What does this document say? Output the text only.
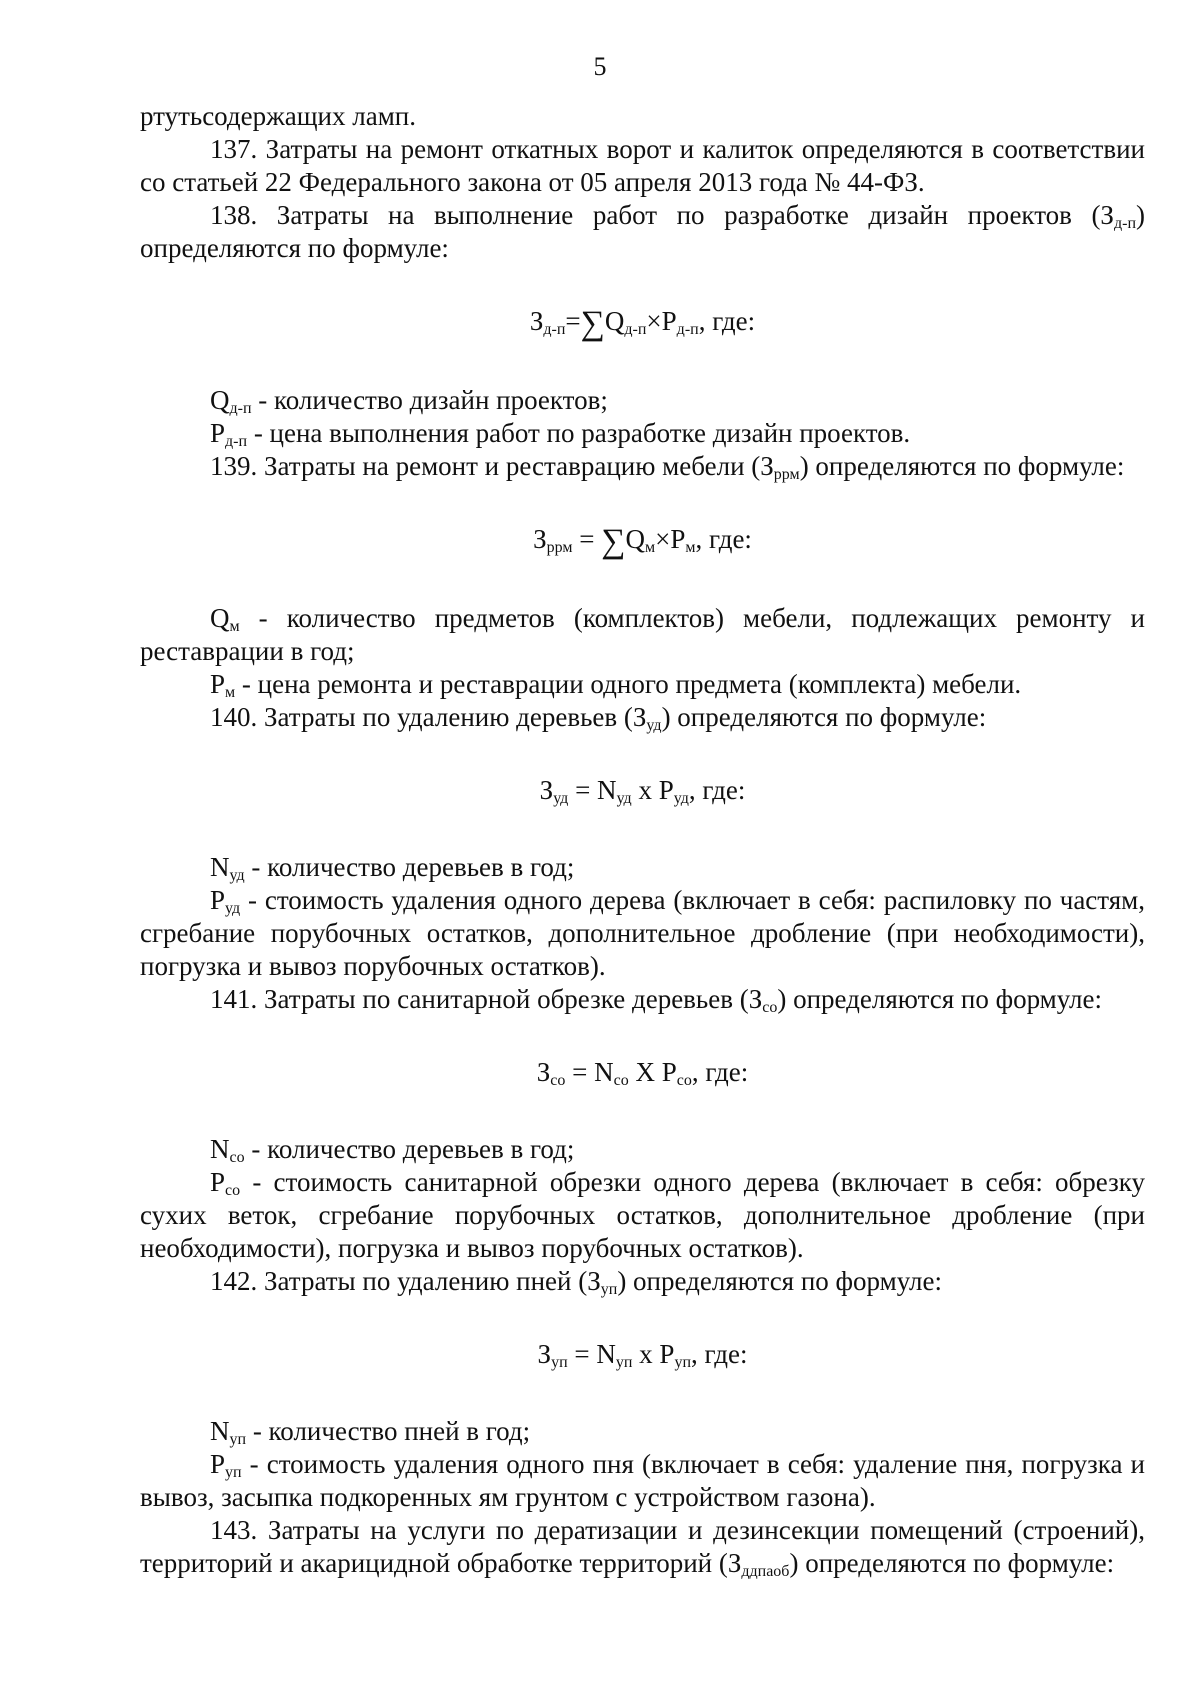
5

ртутьсодержащих ламп.

137. Затраты на ремонт откатных ворот и калиток определяются в соответствии со статьей 22 Федерального закона от 05 апреля 2013 года № 44-ФЗ.

138. Затраты на выполнение работ по разработке дизайн проектов $(З_{д-п})$ определяются по формуле:

$З_{д-п}=\sum Q_{д-п}\times P_{д-п}$, где:

$Q_{д-п}$ - количество дизайн проектов;

$P_{д-п}$ - цена выполнения работ по разработке дизайн проектов.

139. Затраты на ремонт и реставрацию мебели $(З_{ррм})$ определяются по формуле:

$З_{ррм} = \sum Q_м\times P_м$, где:

$Q_м$ - количество предметов (комплектов) мебели, подлежащих ремонту и реставрации в год;

$P_м$ - цена ремонта и реставрации одного предмета (комплекта) мебели.

140. Затраты по удалению деревьев $(З_{уд})$ определяются по формуле:

$З_{уд} = N_{уд}$ x $P_{уд}$, где:

$N_{уд}$ - количество деревьев в год;

$P_{уд}$ - стоимость удаления одного дерева (включает в себя: распиловку по частям, сгребание порубочных остатков, дополнительное дробление (при необходимости), погрузка и вывоз порубочных остатков).

141. Затраты по санитарной обрезке деревьев $(З_{со})$ определяются по формуле:

$З_{со} = N_{со}$ X $P_{со}$, где:

$N_{со}$ - количество деревьев в год;

$P_{со}$ - стоимость санитарной обрезки одного дерева (включает в себя: обрезку сухих веток, сгребание порубочных остатков, дополнительное дробление (при необходимости), погрузка и вывоз порубочных остатков).

142. Затраты по удалению пней $(З_{уп})$ определяются по формуле:

$З_{уп} = N_{уп}$ x $P_{уп}$, где:

$N_{уп}$ - количество пней в год;

$P_{уп}$ - стоимость удаления одного пня (включает в себя: удаление пня, погрузка и вывоз, засыпка подкоренных ям грунтом с устройством газона).

143. Затраты на услуги по дератизации и дезинсекции помещений (строений), территорий и акарицидной обработке территорий $(З_{ддпаоб})$ определяются по формуле:
